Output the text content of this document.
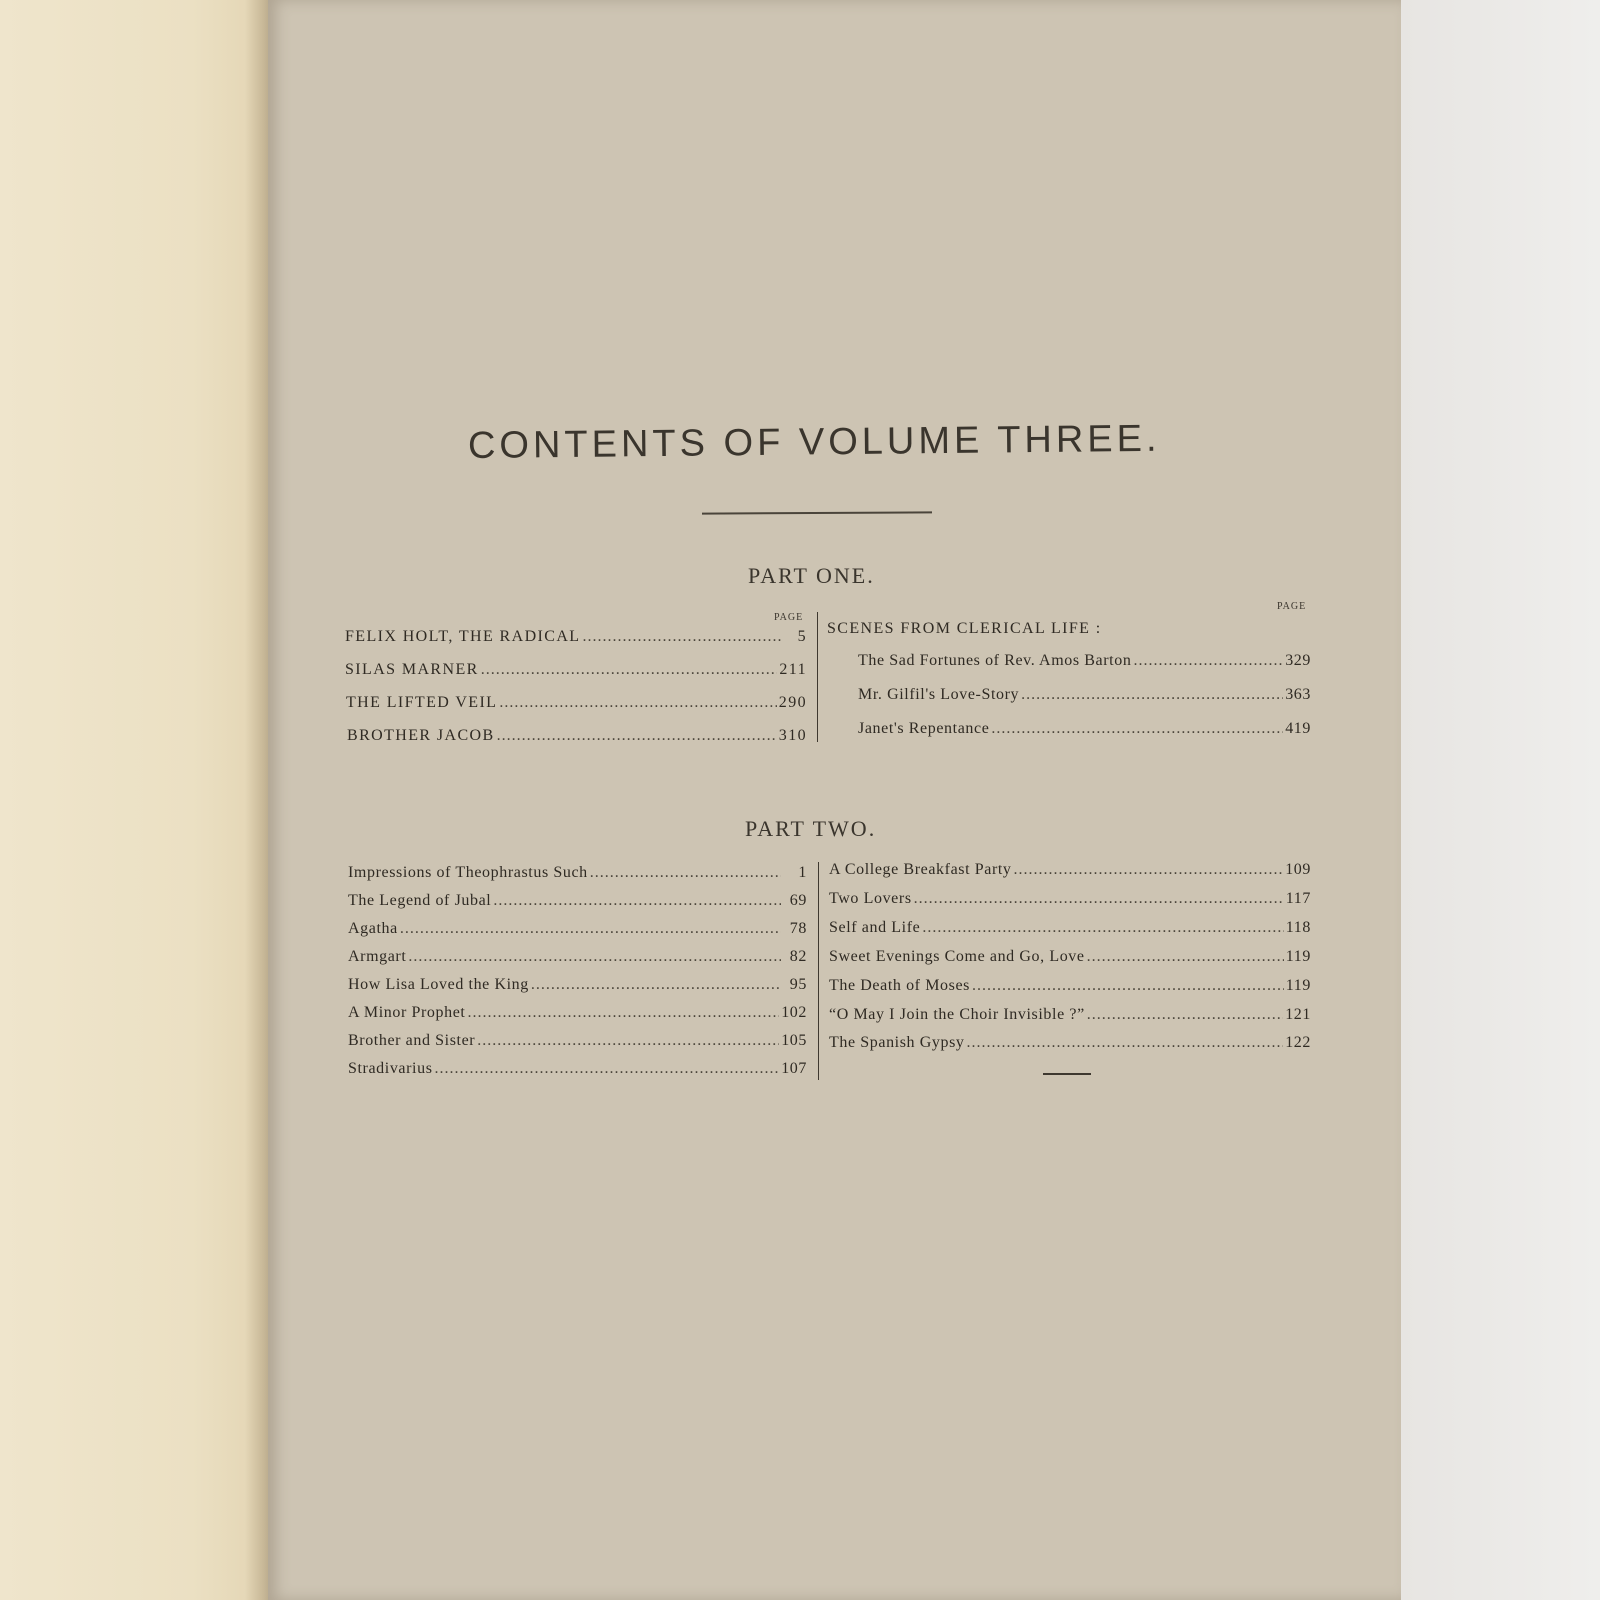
CONTENTS OF VOLUME THREE.
PART ONE.
PAGE
PAGE
FELIX HOLT, THE RADICAL .....	5
SILAS MARNER .....	211
THE LIFTED VEIL .....	290
BROTHER JACOB .....	310
SCENES FROM CLERICAL LIFE :
The Sad Fortunes of Rev. Amos Barton .....	329
Mr. Gilfil's Love-Story .....	363
Janet's Repentance .....	419
PART TWO.
Impressions of Theophrastus Such .....	1
The Legend of Jubal .....	69
Agatha .....	78
Armgart .....	82
How Lisa Loved the King .....	95
A Minor Prophet .....	102
Brother and Sister .....	105
Stradivarius .....	107
A College Breakfast Party .....	109
Two Lovers .....	117
Self and Life .....	118
Sweet Evenings Come and Go, Love .....	119
The Death of Moses .....	119
“O May I Join the Choir Invisible ?” .....	121
The Spanish Gypsy .....	122
